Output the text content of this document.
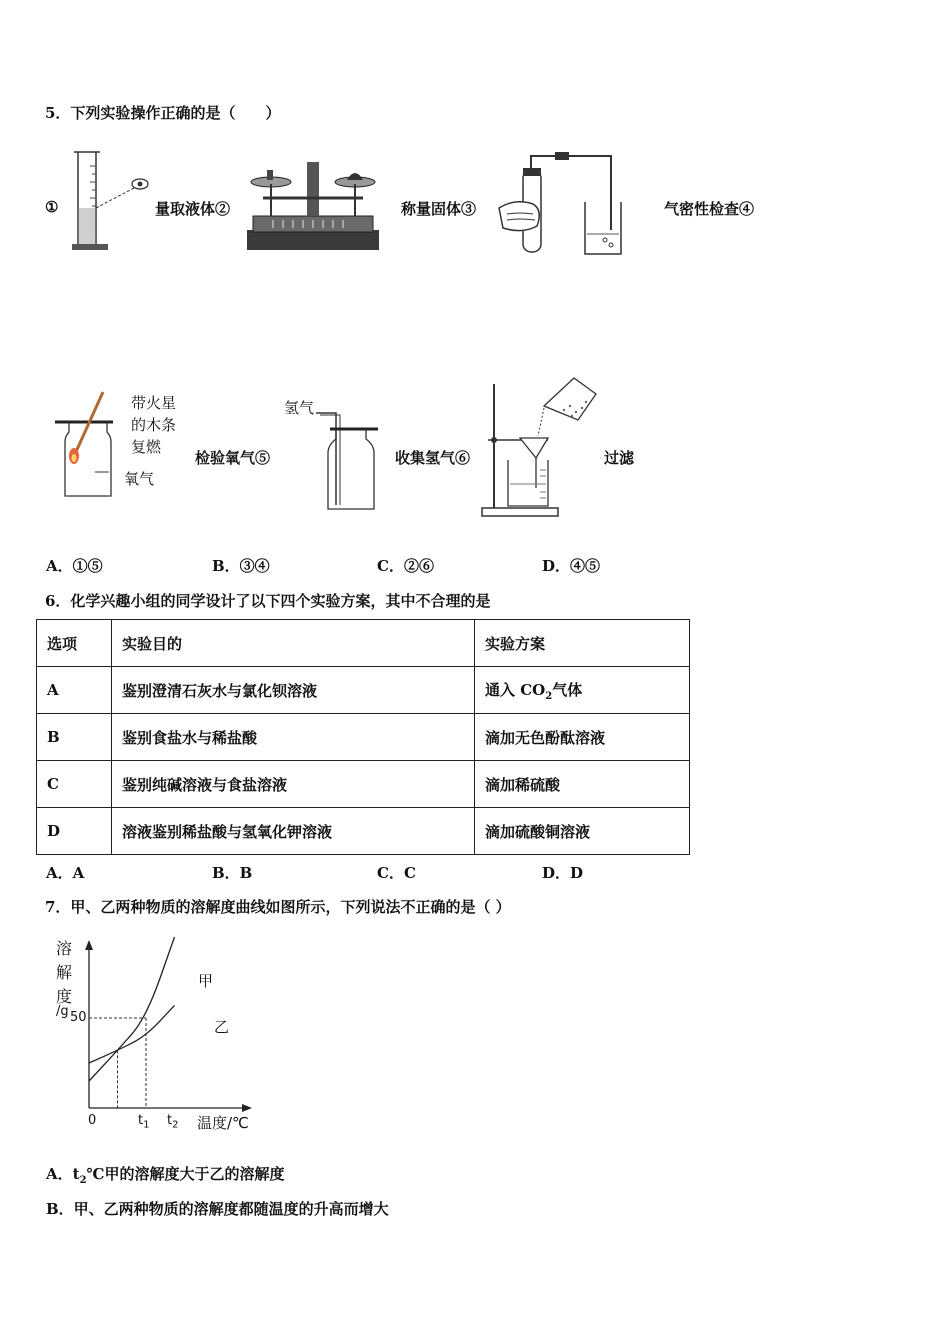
5．下列实验操作正确的是（　　）
①	量取液体②	称量固体③	气密性检查④
带火星
的木条
复燃
氧气
检验氧气⑤
氢气
收集氢气⑥	过滤
A．①⑤	B．③④	C．②⑥	D．④⑤
6．化学兴趣小组的同学设计了以下四个实验方案，其中不合理的是
选项	实验目的	实验方案
A	鉴别澄清石灰水与氯化钡溶液	通入 $CO_2$气体
B	鉴别食盐水与稀盐酸	滴加无色酚酞溶液
C	鉴别纯碱溶液与食盐溶液	滴加稀硫酸
D	溶液鉴别稀盐酸与氢氧化钾溶液	滴加硫酸铜溶液
A．A	B．B	C．C	D．D
7．甲、乙两种物质的溶解度曲线如图所示，下列说法不正确的是（ ）
溶
解
度
/g 50
0	$t_1$ $t_2$ 温度/℃
甲
乙
A．$t_2℃$甲的溶解度大于乙的溶解度
B．甲、乙两种物质的溶解度都随温度的升高而增大
